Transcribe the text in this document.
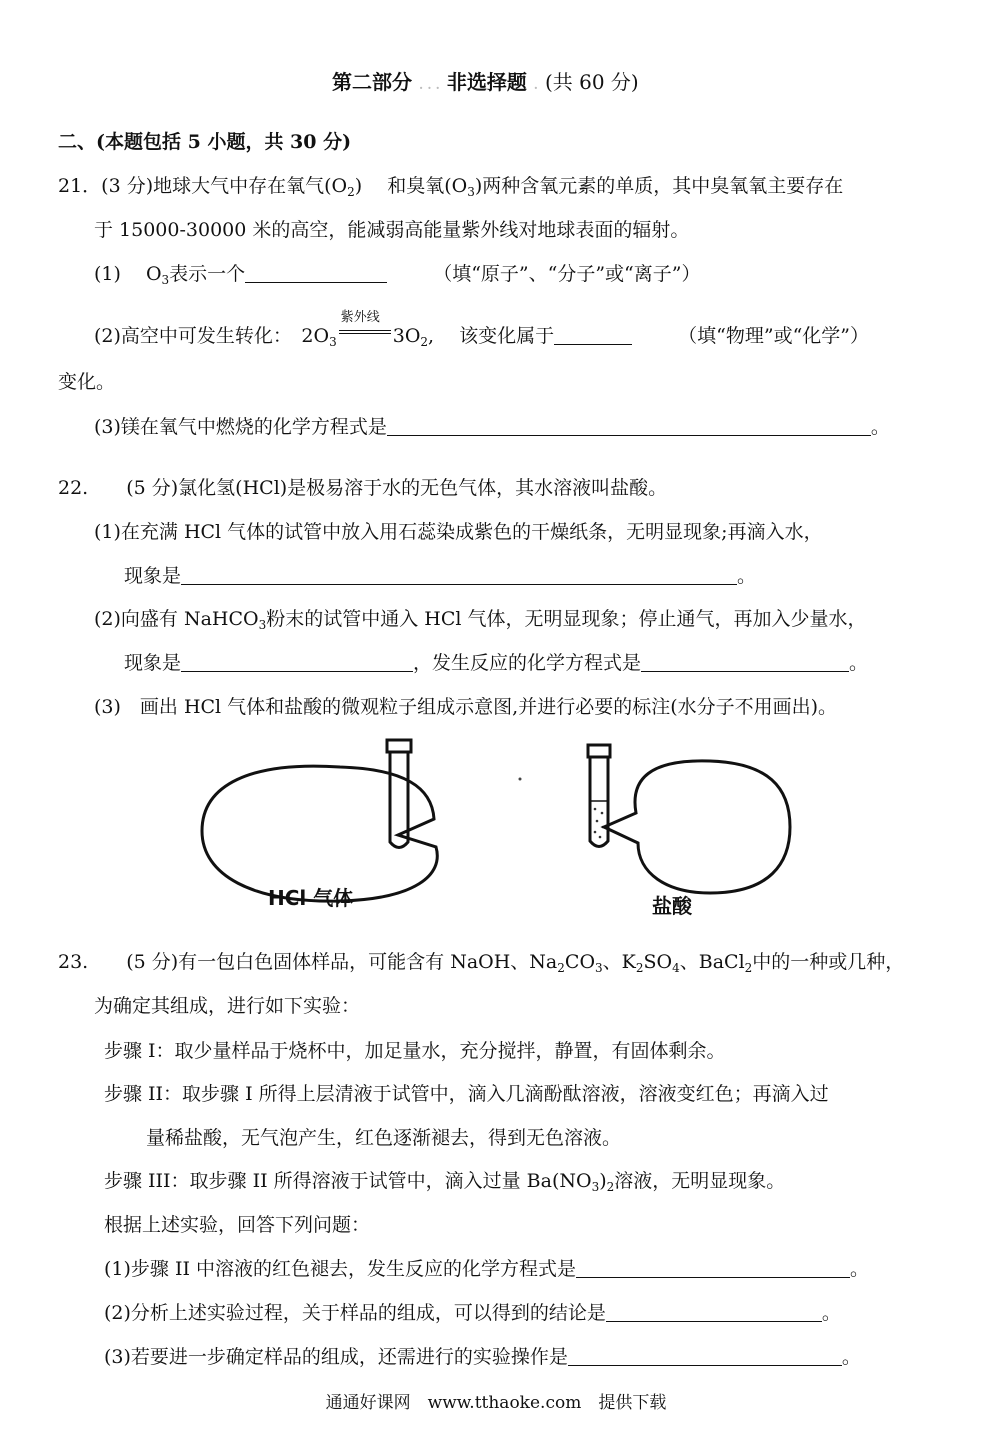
第二部分 . . . 非选择题 . (共 60 分)
二、(本题包括 5 小题，共 30 分)
21．(3 分)地球大气中存在氧气$(O_2)$　 和臭氧$(O_3)$两种含氧元素的单质，其中臭氧氧主要存在
于 15000-30000 米的高空，能减弱高能量紫外线对地球表面的辐射。
(1)　 $O_3$表示一个	（填“原子”、“分子”或“离子”）
(2)高空中可发生转化：　$2O_3$
紫外线
$3O_2$,　 该变化属于	（填“物理”或“化学”）
变化。
(3)镁在氧气中燃烧的化学方程式是	。
22.　　(5 分)氯化氢(HCl)是极易溶于水的无色气体，其水溶液叫盐酸。
(1)在充满 HCl 气体的试管中放入用石蕊染成紫色的干燥纸条，无明显现象;再滴入水，
现象是	。
(2)向盛有 NaHCO$_3$粉末的试管中通入 HCl 气体，无明显现象；停止通气，再加入少量水，
现象是	，发生反应的化学方程式是	。
(3)　画出 HCl 气体和盐酸的微观粒子组成示意图,并进行必要的标注(水分子不用画出)。
HCl 气体	盐酸
23.　　(5 分)有一包白色固体样品，可能含有 NaOH、$Na_2CO_3$、$K_2SO_4$、BaCl$_2$中的一种或几种，
为确定其组成，进行如下实验：
步骤 I：取少量样品于烧杯中，加足量水，充分搅拌，静置，有固体剩余。
步骤 II：取步骤 I 所得上层清液于试管中，滴入几滴酚酞溶液，溶液变红色；再滴入过
量稀盐酸，无气泡产生，红色逐渐褪去，得到无色溶液。
步骤 III：取步骤 II 所得溶液于试管中，滴入过量 $Ba(NO_3)_2$溶液，无明显现象。
根据上述实验，回答下列问题：
(1)步骤 II 中溶液的红色褪去，发生反应的化学方程式是	。
(2)分析上述实验过程，关于样品的组成，可以得到的结论是	。
(3)若要进一步确定样品的组成，还需进行的实验操作是	。
通通好课网　www.tthaoke.com　提供下载
